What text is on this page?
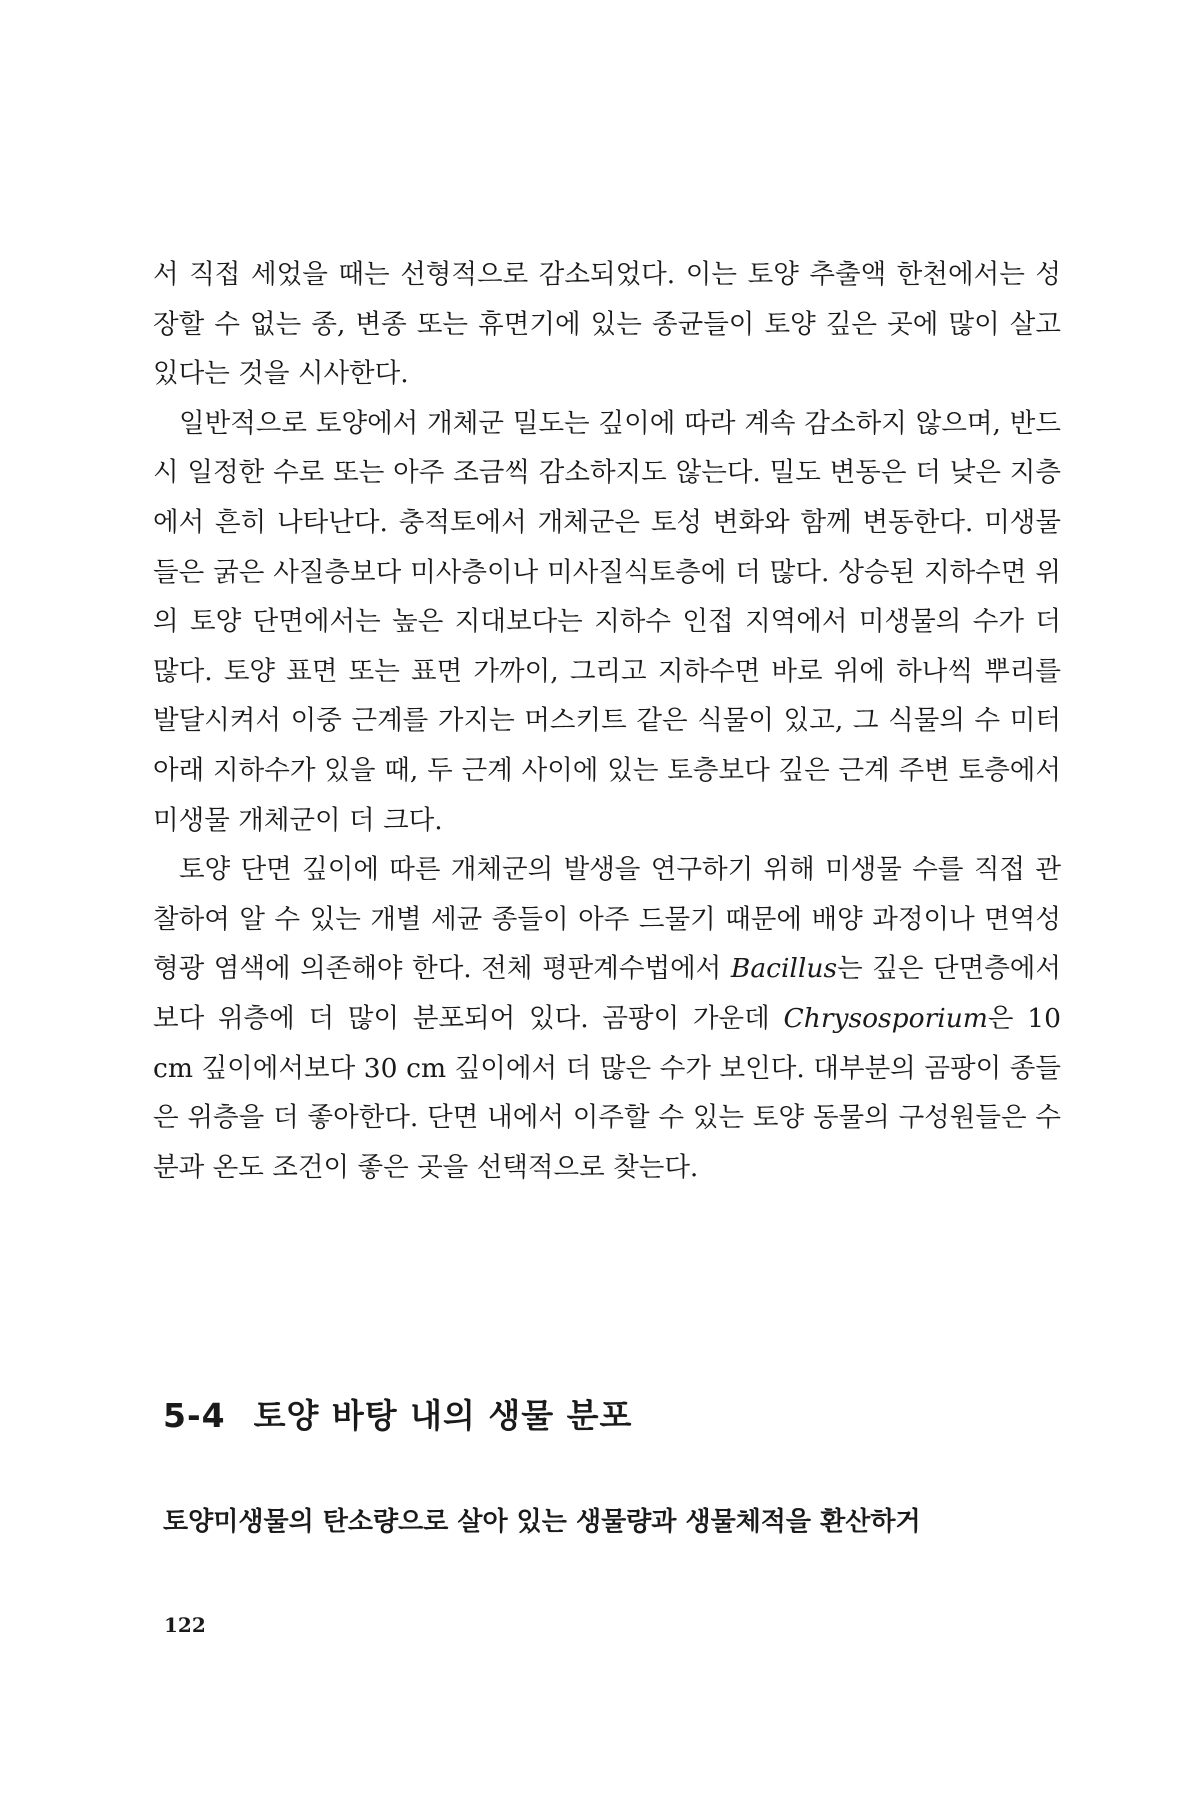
서 직접 세었을 때는 선형적으로 감소되었다. 이는 토양 추출액 한천에서는 성장할 수 없는 종, 변종 또는 휴면기에 있는 종균들이 토양 깊은 곳에 많이 살고 있다는 것을 시사한다.

일반적으로 토양에서 개체군 밀도는 깊이에 따라 계속 감소하지 않으며, 반드시 일정한 수로 또는 아주 조금씩 감소하지도 않는다. 밀도 변동은 더 낮은 지층에서 흔히 나타난다. 충적토에서 개체군은 토성 변화와 함께 변동한다. 미생물들은 굵은 사질층보다 미사층이나 미사질식토층에 더 많다. 상승된 지하수면 위의 토양 단면에서는 높은 지대보다는 지하수 인접 지역에서 미생물의 수가 더 많다. 토양 표면 또는 표면 가까이, 그리고 지하수면 바로 위에 하나씩 뿌리를 발달시켜서 이중 근계를 가지는 머스키트 같은 식물이 있고, 그 식물의 수 미터 아래 지하수가 있을 때, 두 근계 사이에 있는 토층보다 깊은 근계 주변 토층에서 미생물 개체군이 더 크다.

토양 단면 깊이에 따른 개체군의 발생을 연구하기 위해 미생물 수를 직접 관찰하여 알 수 있는 개별 세균 종들이 아주 드물기 때문에 배양 과정이나 면역성 형광 염색에 의존해야 한다. 전체 평판계수법에서 Bacillus는 깊은 단면층에서보다 위층에 더 많이 분포되어 있다. 곰팡이 가운데 Chrysosporium은 10 cm 깊이에서보다 30 cm 깊이에서 더 많은 수가 보인다. 대부분의 곰팡이 종들은 위층을 더 좋아한다. 단면 내에서 이주할 수 있는 토양 동물의 구성원들은 수분과 온도 조건이 좋은 곳을 선택적으로 찾는다.

5-4 토양 바탕 내의 생물 분포

토양미생물의 탄소량으로 살아 있는 생물량과 생물체적을 환산하거

122
